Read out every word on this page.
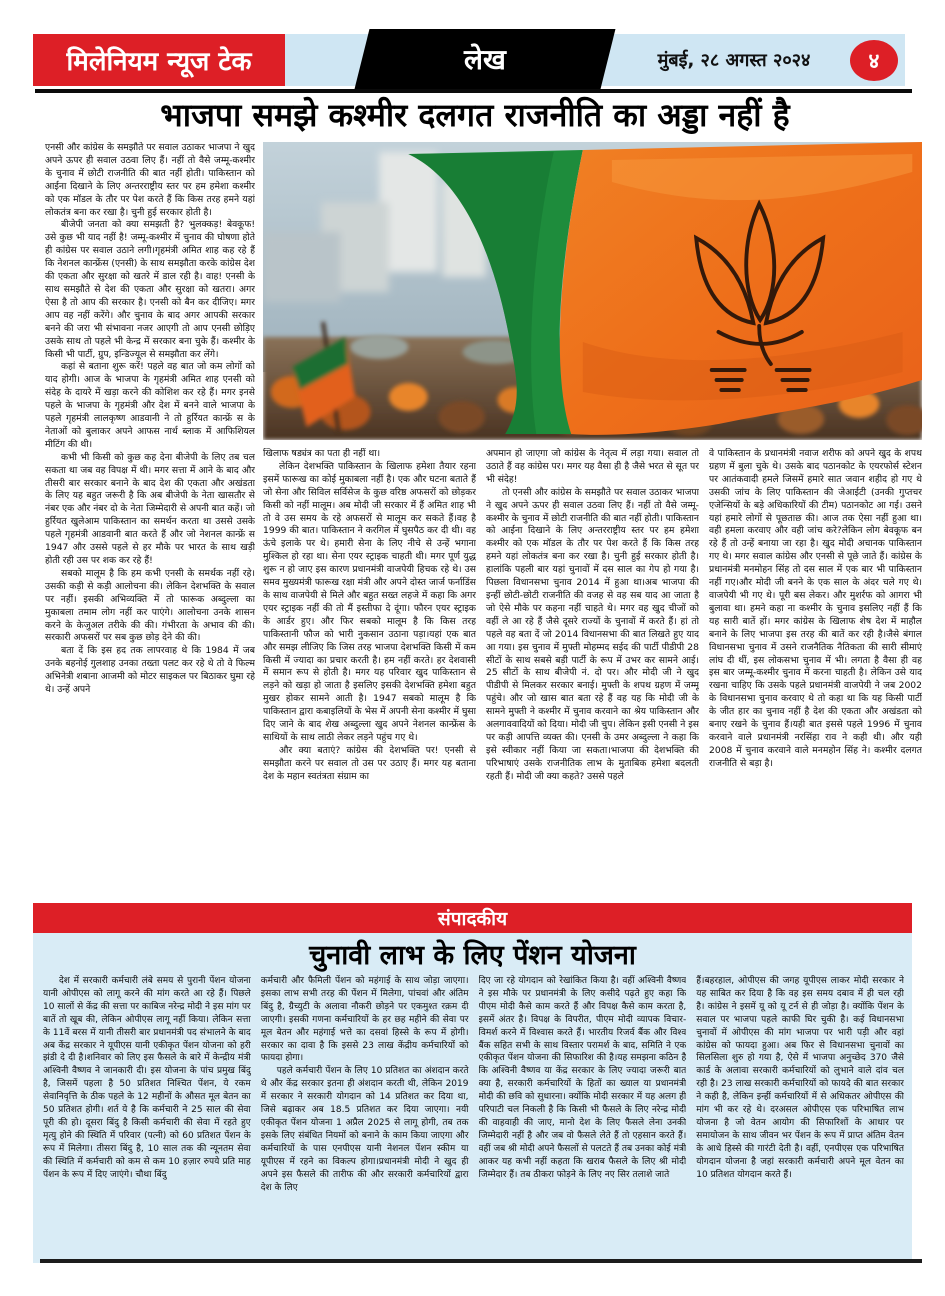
मिलेनियम न्यूज टेक	लेख	मुंबई, २८ अगस्त २०२४	४
भाजपा समझे कश्मीर दलगत राजनीति का अड्डा नहीं है

एनसी और कांग्रेस के समझौते पर सवाल उठाकर भाजपा ने खुद अपने ऊपर ही सवाल उठवा लिए हैं। नहीं तो वैसे जम्मू-कश्मीर के चुनाव में छोटी राजनीति की बात नहीं होती। पाकिस्तान को आईना दिखाने के लिए अन्तरराष्ट्रीय स्तर पर हम हमेशा कश्मीर को एक मॉडल के तौर पर पेश करते हैं कि किस तरह हमने यहां लोकतंत्र बना कर रखा है। चुनी हुई सरकार होती है।

बीजेपी जनता को क्या समझती है? भुलक्कड़! बेवकूफ! उसे कुछ भी याद नहीं है! जम्मू-कश्मीर में चुनाव की घोषणा होते ही कांग्रेस पर सवाल उठाने लगी।गृहमंत्री अमित शाह कह रहे हैं कि नेशनल कान्फ्रेंस (एनसी) के साथ समझौता करके कांग्रेस देश की एकता और सुरक्षा को खतरे में डाल रही है। वाह! एनसी के साथ समझौते से देश की एकता और सुरक्षा को खतरा। अगर ऐसा है तो आप की सरकार है। एनसी को बैन कर दीजिए। मगर आप वह नहीं करेंगे। और चुनाव के बाद अगर आपकी सरकार बनने की जरा भी संभावना नजर आएगी तो आप एनसी छोड़िए उसके साथ तो पहले भी केन्द्र में सरकार बना चुके हैं। कश्मीर के किसी भी पार्टी, ग्रुप, इन्डिज्यूल से समझौता कर लेंगे।

कहां से बताना शुरू करें! पहले वह बात जो कम लोगों को याद होगी। आज के भाजपा के गृहमंत्री अमित शाह एनसी को संदेह के दायरे में खड़ा करने की कोशिश कर रहे हैं। मगर इनसे पहले के भाजपा के गृहमंत्री और देश में बनने वाले भाजपा के पहले गृहमंत्री लालकृष्ण आडवानी ने तो हुर्रियत कान्फ्रें स के नेताओं को बुलाकर अपने आफस नार्थ ब्लाक में आफिशियल मीटिंग की थी।

कभी भी किसी को कुछ कह देना बीजेपी के लिए तब चल सकता था जब वह विपक्ष में थी। मगर सत्ता में आने के बाद और तीसरी बार सरकार बनाने के बाद देश की एकता और अखंडता के लिए यह बहुत जरूरी है कि अब बीजेपी के नेता खासतौर से नंबर एक और नंबर दो के नेता जिम्मेदारी से अपनी बात कहें। जो हुर्रियत खुलेआम पाकिस्तान का समर्थन करता था उससे उसके पहले गृहमंत्री आडवानी बात करते हैं और जो नेशनल कान्फ्रें स 1947 और उससे पहले से हर मौके पर भारत के साथ खड़ी होती रही उस पर शक कर रहे हैं!

सबको मालूम है कि हम कभी एनसी के समर्थक नहीं रहे। उसकी कड़ी से कड़ी आलोचना की। लेकिन देशभक्ति के सवाल पर नहीं। इसकी अभिव्यक्ति में तो फारूक अब्दुल्ला का मुकाबला तमाम लोग नहीं कर पाएंगे। आलोचना उनके शासन करने के केजुअल तरीके की की। गंभीरता के अभाव की की। सरकारी अफसरों पर सब कुछ छोड़ देने की की।

बता दें कि इस हद तक लापरवाह थे कि 1984 में जब उनके बहनोई गुलशाह उनका तख्ता पलट कर रहे थे तो वे फिल्म अभिनेत्री शबाना आजमी को मोटर साइकल पर बिठाकर घुमा रहे थे। उन्हें अपने

खिलाफ षड्यंत्र का पता ही नहीं था।

लेकिन देशभक्ति पाकिस्तान के खिलाफ हमेशा तैयार रहना इसमें फारूख का कोई मुकाबला नहीं है। एक और घटना बताते हैं जो सेना और सिविल सर्विसेज के कुछ वरिष्ठ अफसरों को छोड़कर किसी को नहीं मालूम। अब मोदी जी सरकार में हैं अमित शाह भी तो वे उस समय के रहे अफसरों से मालूम कर सकते हैं।वह है 1999 की बात। पाकिस्तान ने करगिल में घुसपैठ कर दी थी। वह ऊंचे इलाके पर थे। हमारी सेना के लिए नीचे से उन्हें भगाना मुश्किल हो रहा था। सेना एयर स्ट्राइक चाहती थी। मगर पूर्ण युद्ध शुरू न हो जाए इस कारण प्रधानमंत्री वाजपेयी हिचक रहे थे। उस समव मुख्यमंत्री फारूख रक्षा मंत्री और अपने दोस्त जार्ज फर्नाडिंस के साथ वाजपेयी से मिले और बहुत सख्त लहजे में कहा कि अगर एयर स्ट्राइक नहीं की तो मैं इस्तीफा दे दूंगा। फौरन एयर स्ट्राइक के आर्डर हुए। और फिर सबको मालूम है कि किस तरह पाकिस्तानी फौज को भारी नुकसान उठाना पड़ा।यहां एक बात और समझ लीजिए कि जिस तरह भाजपा देशभक्ति किसी में कम किसी में ज्यादा का प्रचार करती है। हम नहीं करते। हर देशवासी में समान रूप से होती है। मगर यह परिवार खुद पाकिस्तान से लड़ने को खड़ा हो जाता है इसलिए इसकी देशभक्ति हमेशा बहुत मुखर होकर सामने आती है। 1947 सबको मालूम है कि पाकिस्तान द्वारा कबाइलियों के भेस में अपनी सेना कश्मीर में घुसा दिए जाने के बाद शेख अब्दुल्ला खुद अपने नेशनल कान्फ्रेंस के साथियों के साथ लाठी लेकर लड़ने पहुंच गए थे।

और क्या बताएं? कांग्रेस की देशभक्ति पर! एनसी से समझौता करने पर सवाल तो उस पर उठाए हैं। मगर यह बताना देश के महान स्वतंत्रता संग्राम का

अपमान हो जाएगा जो कांग्रेस के नेतृत्व में लड़ा गया। सवाल तो उठाते हैं वह कांग्रेस पर। मगर यह वैसा ही है जैसे भरत से सूत पर भी संदेह!

तो एनसी और कांग्रेस के समझौते पर सवाल उठाकर भाजपा ने खुद अपने ऊपर ही सवाल उठवा लिए हैं। नहीं तो वैसे जम्मू-कश्मीर के चुनाव में छोटी राजनीति की बात नहीं होती। पाकिस्तान को आईना दिखाने के लिए अन्तरराष्ट्रीय स्तर पर हम हमेशा कश्मीर को एक मॉडल के तौर पर पेश करते हैं कि किस तरह हमने यहां लोकतंत्र बना कर रखा है। चुनी हुई सरकार होती है। हालांकि पहली बार यहां चुनावों में दस साल का गेप हो गया है। पिछला विधानसभा चुनाव 2014 में हुआ था।अब भाजपा की इन्हीं छोटी-छोटी राजनीति की वजह से वह सब याद आ जाता है जो ऐसे मौके पर कहना नहीं चाहते थे। मगर वह खुद चीजों को वहीं ले आ रहे हैं जैसे दूसरे राज्यों के चुनावों में करते हैं। हां तो पहले वह बता दें जो 2014 विधानसभा की बात लिखते हुए याद आ गया। इस चुनाव में मुफ्ती मोहम्मद सईद की पार्टी पीडीपी 28 सीटों के साथ सबसे बड़ी पार्टी के रूप में उभर कर सामने आई। 25 सीटों के साथ बीजेपी नं. दो पर। और मोदी जी ने खुद पीडीपी से मिलकर सरकार बनाई। मुफ्ती के शपथ ग्रहण में जम्मू पहुंचे। और जो खास बात बता रहे हैं वह यह कि मोदी जी के सामने मुफ्ती ने कश्मीर में चुनाव करवाने का श्रेय पाकिस्तान और अलगाववादियों को दिया। मोदी जी चुप। लेकिन इसी एनसी ने इस पर कड़ी आपत्ति व्यक्त की। एनसी के उमर अब्दुल्ला ने कहा कि इसे स्वीकार नहीं किया जा सकता।भाजपा की देशभक्ति की परिभाषाएं उसके राजनीतिक लाभ के मुताबिक हमेशा बदलती रहती हैं। मोदी जी क्या कहते? उससे पहले

वे पाकिस्तान के प्रधानमंत्री नवाज शरीफ को अपने खुद के शपथ ग्रहण में बुला चुके थे। उसके बाद पठानकोट के एयरफोर्स स्टेशन पर आतंकवादी हमले जिसमें हमारे सात जवान शहीद हो गए थे उसकी जांच के लिए पाकिस्तान की जेआईटी (उनकी गुप्तचर एजेन्सियों के बड़े अधिकारियों की टीम) पठानकोट आ गई। उसने यहां हमारे लोगों से पूछताछ की। आज तक ऐसा नहीं हुआ था। वही हमला करवाए और वही जांच करे?लेकिन लोग बेवकूफ बन रहे हैं तो उन्हें बनाया जा रहा है। खुद मोदी अचानक पाकिस्तान गए थे। मगर सवाल कांग्रेस और एनसी से पूछे जाते हैं। कांग्रेस के प्रधानमंत्री मनमोहन सिंह तो दस साल में एक बार भी पाकिस्तान नहीं गए।और मोदी जी बनने के एक साल के अंदर चले गए थे। वाजपेयी भी गए थे। पूरी बस लेकर। और मुशर्रफ को आगरा भी बुलावा था। हमने कहा ना कश्मीर के चुनाव इसलिए नहीं हैं कि यह सारी बातें हों। मगर कांग्रेस के खिलाफ शेष देश में माहौल बनाने के लिए भाजपा इस तरह की बातें कर रही है।जैसे बंगाल विधानसभा चुनाव में उसने राजनैतिक नैतिकता की सारी सीमाएं लांघ दी थीं, इस लोकसभा चुनाव में भी। लगता है वैसा ही वह इस बार जम्मू-कश्मीर चुनाव में करना चाहती है। लेकिन उसे याद रखना चाहिए कि उसके पहले प्रधानमंत्री वाजपेयी ने जब 2002 के विधानसभा चुनाव करवाए थे तो कहा था कि यह किसी पार्टी के जीत हार का चुनाव नहीं है देश की एकता और अखंडता को बनाए रखने के चुनाव हैं।यही बात इससे पहले 1996 में चुनाव करवाने वाले प्रधानमंत्री नरसिंहा राव ने कही थी। और यही 2008 में चुनाव करवाने वाले मनमहोन सिंह ने। कश्मीर दलगत राजनीति से बड़ा है।

संपादकीय
चुनावी लाभ के लिए पेंशन योजना

देश में सरकारी कर्मचारी लंबे समय से पुरानी पेंशन योजना यानी ओपीएस को लागू करने की मांग करते आ रहे हैं। पिछले 10 सालों से केंद्र की सत्ता पर काबिज नरेन्द्र मोदी ने इस मांग पर बातें तो खूब की, लेकिन ओपीएस लागू नहीं किया। लेकिन सत्ता के 11वें बरस में यानी तीसरी बार प्रधानमंत्री पद संभालने के बाद अब केंद्र सरकार ने यूपीएस यानी एकीकृत पेंशन योजना को हरी झंडी दे दी है।शनिवार को लिए इस फैसले के बारे में केन्द्रीय मंत्री अश्विनी वैष्णव ने जानकारी दी। इस योजना के पांच प्रमुख बिंदु है, जिसमें पहला है 50 प्रतिशत निश्चित पेंशन, ये रकम सेवानिवृत्ति के ठीक पहले के 12 महीनों के औसत मूल बेतन का 50 प्रतिशत होगी। शर्त ये है कि कर्मचारी ने 25 साल की सेवा पूरी की हो। दूसरा बिंदु है किसी कर्मचारी की सेवा में रहते हुए मृत्यु होने की स्थिति में परिवार (पत्नी) को 60 प्रतिशत पेंशन के रूप में मिलेगा। तीसरा बिंदु है, 10 साल तक की न्यूनतम सेवा की स्थिति में कर्मचारी को कम से कम 10 हज़ार रुपये प्रति माह पेंशन के रूप में दिए जाएंगे। चौथा बिंदु

कर्मचारी और फैमिली पेंशन को महंगाई के साथ जोड़ा जाएगा। इसका लाभ सभी तरह की पेंशन में मिलेगा, पांचवां और अंतिम बिंदु है, ग्रैच्युटी के अलावा नौकरी छोड़ने पर एकमुश्त रक़म दी जाएगी। इसकी गणना कर्मचारियों के हर छह महीने की सेवा पर मूल बेतन और महंगाई भत्ते का दसवां हिस्से के रूप में होगी।सरकार का दावा है कि इससे 23 लाख केंद्रीय कर्मचारियों को फायदा होगा।

पहले कर्मचारी पेंशन के लिए 10 प्रतिशत का अंशदान करते थे और केंद्र सरकार इतना ही अंशदान करती थी, लेकिन 2019 में सरकार ने सरकारी योगदान को 14 प्रतिशत कर दिया था, जिसे बढ़ाकर अब 18.5 प्रतिशत कर दिया जाएगा। नयी एकीकृत पेंशन योजना 1 अप्रैल 2025 से लागू होगी, तब तक इसके लिए संबंधित नियमों को बनाने के काम किया जाएगा और कर्मचारियों के पास एनपीएस यानी नेशनल पेंशन स्कीम या यूपीएस में रहने का विकल्प होगा।प्रधानमंत्री मोदी ने खुद ही अपने इस फैसले की तारीफ की और सरकारी कर्मचारियों द्वारा देश के लिए

दिए जा रहे योगदान को रेखांकित किया है। वहीं अश्विनी वैष्णव ने इस मौके पर प्रधानमंत्री के लिए कसीदे पढ़ते हुए कहा कि पीएम मोदी कैसे काम करते हैं और विपक्ष कैसे काम करता है, इसमें अंतर है। विपक्ष के विपरीत, पीएम मोदी व्यापक विचार-विमर्श करने में विश्वास करते हैं। भारतीय रिजर्व बैंक और विश्व बैंक सहित सभी के साथ विस्तार परामर्श के बाद, समिति ने एक एकीकृत पेंशन योजना की सिफारिश की है।यह समझना कठिन है कि अश्विनी वैष्णव या केंद्र सरकार के लिए ज्यादा जरूरी बात क्या है, सरकारी कर्मचारियों के हितों का ख्याल या प्रधानमंत्री मोदी की छवि को सुधारना। क्योंकि मोदी सरकार में यह अलग ही परिपाटी चल निकली है कि किसी भी फैसले के लिए नरेन्द्र मोदी की वाहवाही की जाए, मानो देश के लिए फैसले लेना उनकी जिम्मेदारी नहीं है और जब वो फैसले लेते हैं तो एहसान करते हैं। वहीं जब श्री मोदी अपने फैसलों से पलटते हैं तब उनका कोई मंत्री आकर यह कभी नहीं कहता कि खराब फैसले के लिए श्री मोदी जिम्मेदार हैं। तब ठीकरा फोड़ने के लिए नए सिर तलाशे जाते

हैं।बहरहाल, ओपीएस की जगह यूपीएस लाकर मोदी सरकार ने यह साबित कर दिया है कि वह इस समय दबाव में ही चल रही है। कांग्रेस ने इसमें यू को यू टर्न से ही जोड़ा है। क्योंकि पेंशन के सवाल पर भाजपा पहले काफी घिर चुकी है। कई विधानसभा चुनावों में ओपीएस की मांग भाजपा पर भारी पड़ी और वहां कांग्रेस को फायदा हुआ। अब फिर से विधानसभा चुनावों का सिलसिला शुरु हो गया है, ऐसे में भाजपा अनुच्छेद 370 जैसे कार्ड के अलावा सरकारी कर्मचारियों को लुभाने वाले दांव चल रही है। 23 लाख सरकारी कर्मचारियों को फायदे की बात सरकार ने कही है, लेकिन इन्हीं कर्मचारियों में से अधिकतर ओपीएस की मांग भी कर रहे थे। दरअसल ओपीएस एक परिभाषित लाभ योजना है जो वेतन आयोग की सिफारिशों के आधार पर समायोजन के साथ जीवन भर पेंशन के रूप में प्राप्त अंतिम वेतन के आधे हिस्से की गारंटी देती है। वहीं, एनपीएस एक परिभाषित योगदान योजना है जहां सरकारी कर्मचारी अपने मूल वेतन का 10 प्रतिशत योगदान करते हैं।
